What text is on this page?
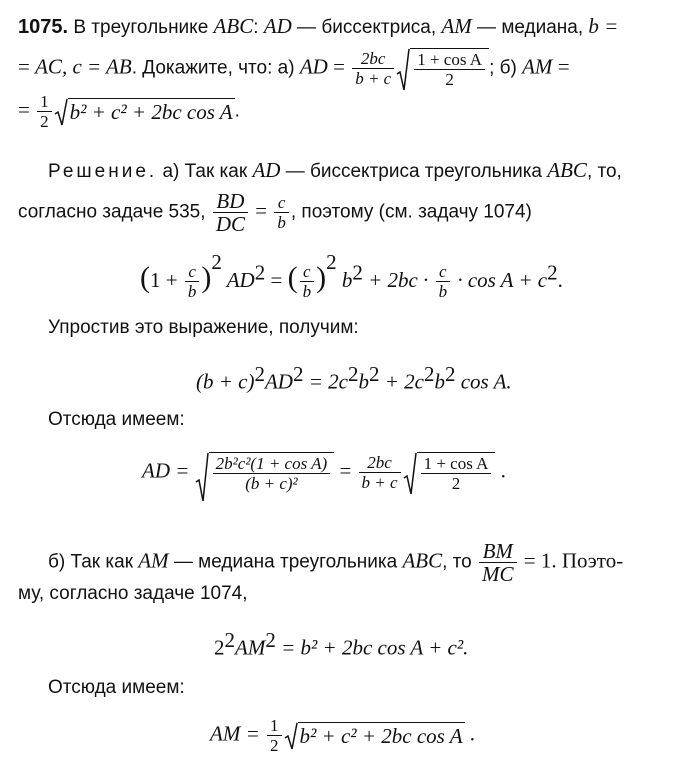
1075. В треугольнике ABC: AD — биссектриса, AM — медиана, b =
= AC, c = AB. Докажите, что: а) AD = $\frac{2bc}{b + c} \frac{\text{1 + cos A}}{2}$ ; б) AM =
= $\frac{1}{2} b^2 + c^2 + 2bc$ cos A .
Решение. а) Так как AD — биссектриса треугольника ABC, то,
согласно задаче 535, $\frac{BD}{DC} = \frac{c}{b}$ , поэтому (см. задачу 1074)
$(1 + \frac{c}{b} )^2$ $AD^2$ = ( $\frac{c}{b} )^2$ $b^2 + 2bc \cdot \frac{c}{b} \cdot \cos A + c^2$.
Упростив это выражение, получим:
$(b + c)^2AD^2 = 2c^2b^2 + 2c^2b^2$ cos A.
Отсюда имеем:
AD = $\frac{\text{2b²c²(1 + cos A)}}{\text{(b + c)²}} = \frac{2bc}{b + c} \frac{\text{1 + cos A}}{2}$ .
б) Так как AM — медиана треугольника ABC, то $\frac{BM}{MC} = 1$. Поэто-
му, согласно задаче 1074,
$2^2AM^2 = b^2 + 2bc$ cos A + c².
Отсюда имеем:
AM = $\frac{1}{2} b^2 + c^2 + 2bc$ cos A .
